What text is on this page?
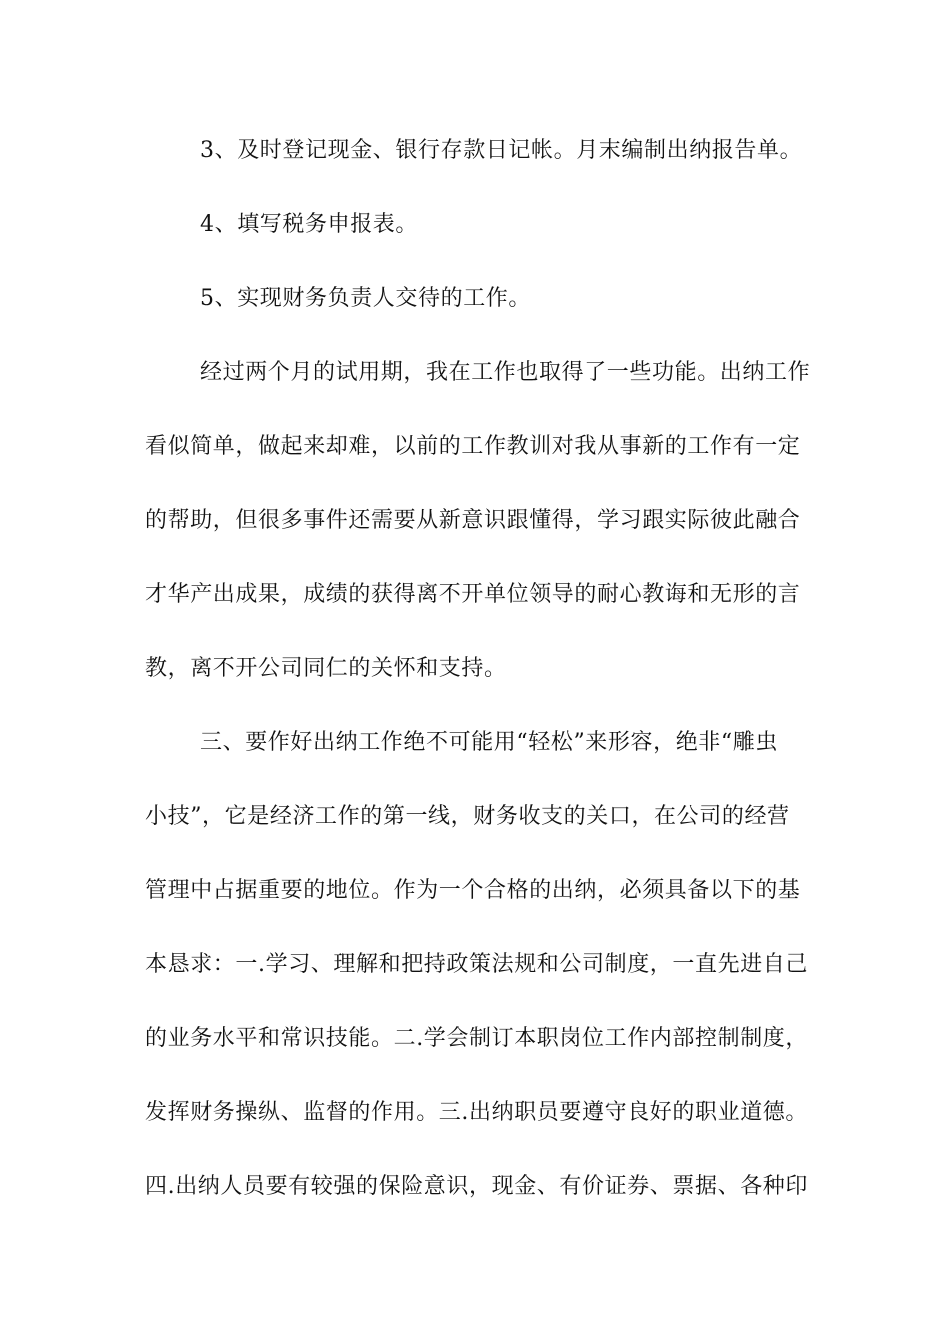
3、及时登记现金、银行存款日记帐。月末编制出纳报告单。
4、填写税务申报表。
5、实现财务负责人交待的工作。
经过两个月的试用期，我在工作也取得了一些功能。出纳工作
看似简单，做起来却难，以前的工作教训对我从事新的工作有一定
的帮助，但很多事件还需要从新意识跟懂得，学习跟实际彼此融合
才华产出成果，成绩的获得离不开单位领导的耐心教诲和无形的言
教，离不开公司同仁的关怀和支持。
三、要作好出纳工作绝不可能用“轻松”来形容，绝非“雕虫
小技”，它是经济工作的第一线，财务收支的关口，在公司的经营
管理中占据重要的地位。作为一个合格的出纳，必须具备以下的基
本恳求：一.学习、理解和把持政策法规和公司制度，一直先进自己
的业务水平和常识技能。二.学会制订本职岗位工作内部控制制度，
发挥财务操纵、监督的作用。三.出纳职员要遵守良好的职业道德。
四.出纳人员要有较强的保险意识，现金、有价证券、票据、各种印
